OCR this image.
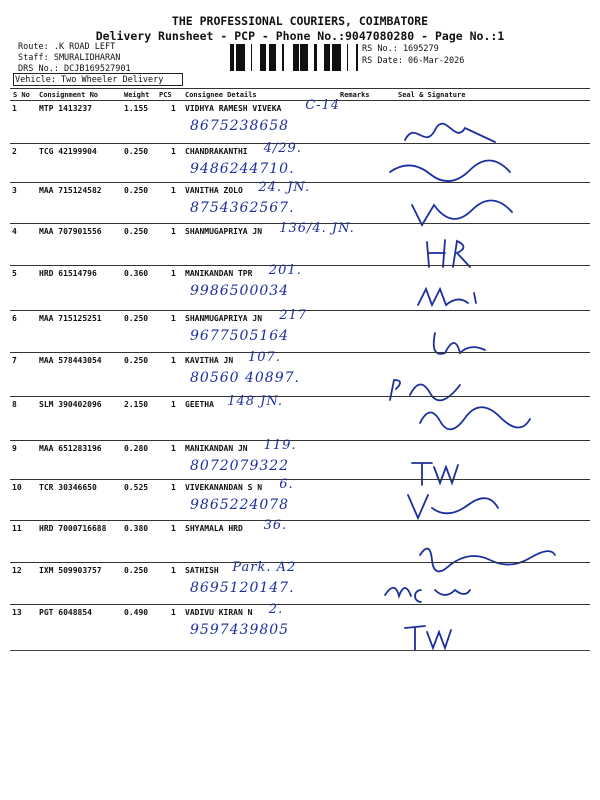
THE PROFESSIONAL COURIERS, COIMBATORE
Delivery Runsheet - PCP - Phone No.:9047080280 - Page No.:1
Route: .K ROAD LEFT
Staff: SMURALIDHARAN
DRS No.: DCJB169527901
Vehicle: Two Wheeler Delivery
RS No.: 1695279
RS Date: 06-Mar-2026
S No Consignment No	Weight PCS Consignee Details	Remarks	Seal & Signature
1	MTP 1413237	1.155	1 VIDHYA RAMESH VIVEKA C-14
8675238658
2	TCG 42199904	0.250	1 CHANDRAKANTHI 4/29.
9486244710.
3	MAA 715124582	0.250	1 VANITHA ZOLO 24. JN.
8754362567.
4	MAA 707901556	0.250	1 SHANMUGAPRIYA JN 136/4. JN.
5	HRD 61514796	0.360	1 MANIKANDAN TPR 201.
9986500034
6	MAA 715125251	0.250	1 SHANMUGAPRIYA JN 217
9677505164
7	MAA 578443054	0.250	1 KAVITHA JN 107.
80560 40897.
8	SLM 390402096	2.150	1 GEETHA 148 JN.
9	MAA 651283196	0.280	1 MANIKANDAN JN 119.
8072079322
10 TCR 30346650	0.525	1 VIVEKANANDAN S N 6.
9865224078
11 HRD 7000716688 0.380	1 SHYAMALA HRD 36.
12 IXM 509903757	0.250	1 SATHISH Park. A2
8695120147.
13 PGT 6048854	0.490	1 VADIVU KIRAN N 2.
9597439805
